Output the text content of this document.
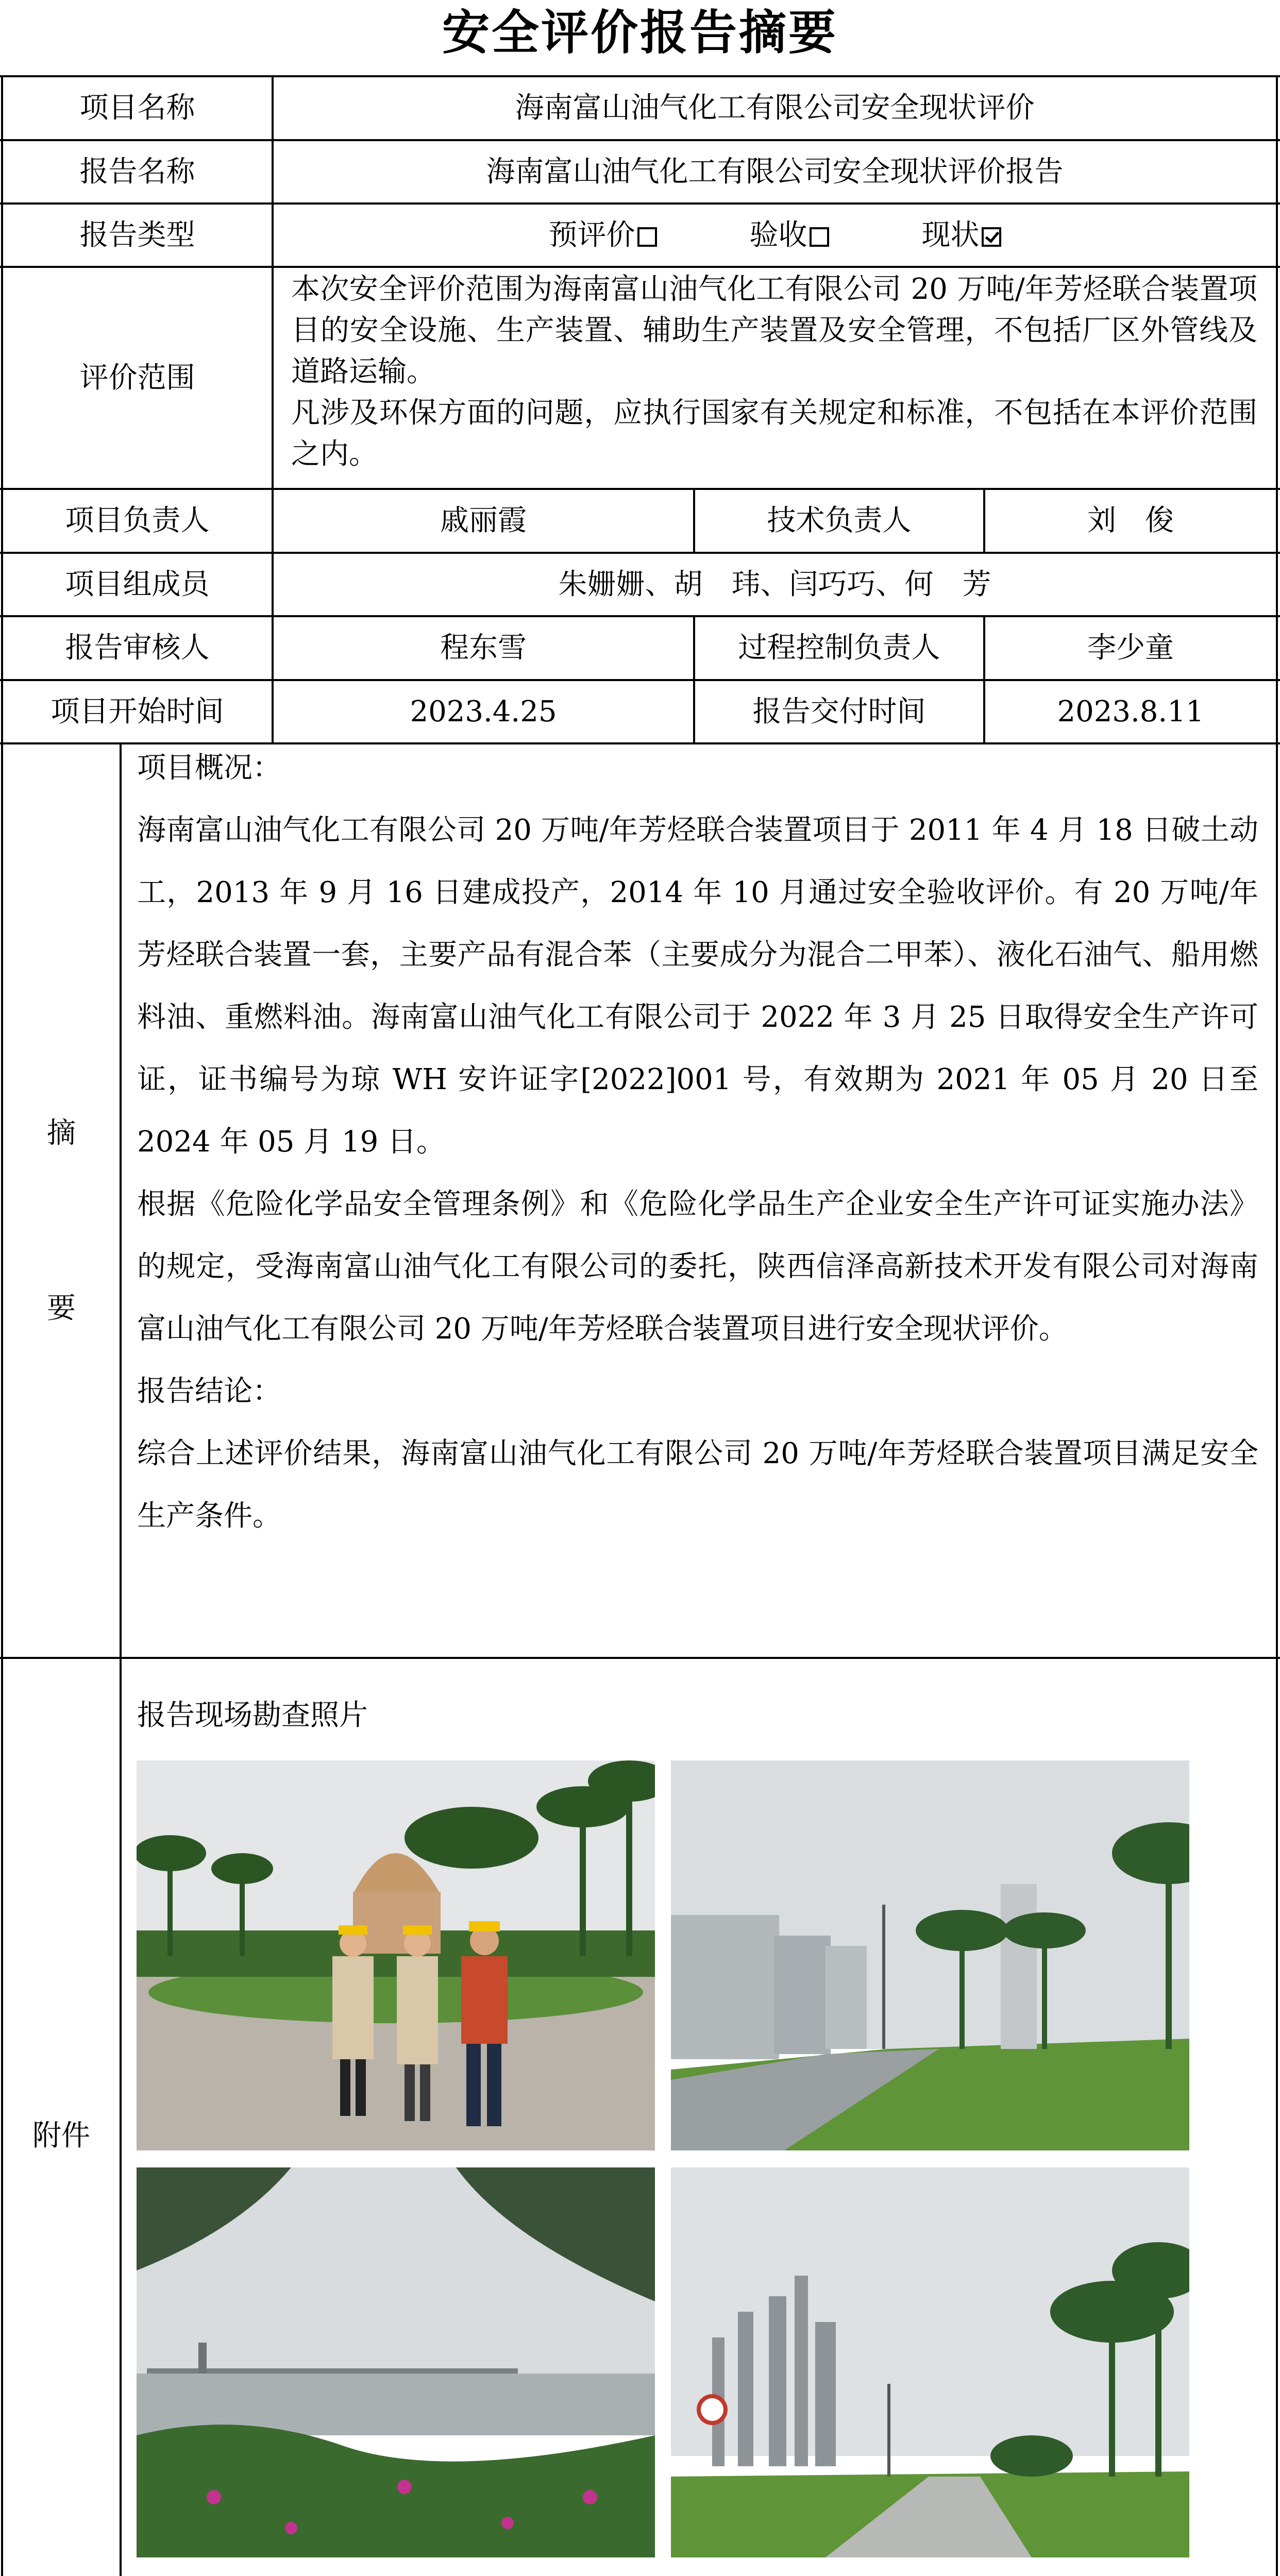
安全评价报告摘要
项目名称	海南富山油气化工有限公司安全现状评价
报告名称	海南富山油气化工有限公司安全现状评价报告
报告类型	预评价	验收	现状
评价范围
本次安全评价范围为海南富山油气化工有限公司 20 万吨/年芳烃联合装置项目的安全设施、生产装置、辅助生产装置及安全管理，不包括厂区外管线及道路运输。
凡涉及环保方面的问题，应执行国家有关规定和标准，不包括在本评价范围之内。
项目负责人	戚丽霞	技术负责人	刘　俊
项目组成员	朱姗姗、胡　玮、闫巧巧、何　芳
报告审核人	程东雪	过程控制负责人	李少童
项目开始时间	2023.4.25	报告交付时间	2023.8.11
摘
要
项目概况：
海南富山油气化工有限公司 20 万吨/年芳烃联合装置项目于 2011 年 4 月 18 日破土动工，2013 年 9 月 16 日建成投产，2014 年 10 月通过安全验收评价。有 20 万吨/年芳烃联合装置一套，主要产品有混合苯（主要成分为混合二甲苯）、液化石油气、船用燃料油、重燃料油。海南富山油气化工有限公司于 2022 年 3 月 25 日取得安全生产许可证，证书编号为琼 WH 安许证字[2022]001 号，有效期为 2021 年 05 月 20 日至 2024 年 05 月 19 日。
根据《危险化学品安全管理条例》和《危险化学品生产企业安全生产许可证实施办法》的规定，受海南富山油气化工有限公司的委托，陕西信泽高新技术开发有限公司对海南富山油气化工有限公司 20 万吨/年芳烃联合装置项目进行安全现状评价。
报告结论：
综合上述评价结果，海南富山油气化工有限公司 20 万吨/年芳烃联合装置项目满足安全生产条件。
附件
报告现场勘查照片
